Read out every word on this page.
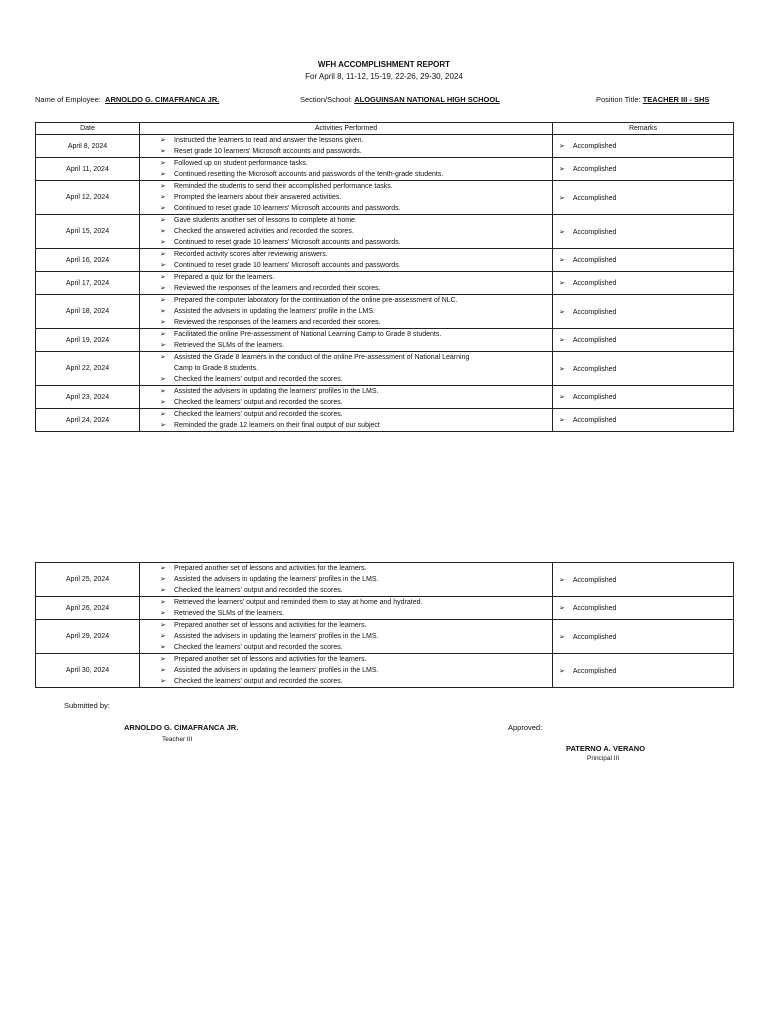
WFH ACCOMPLISHMENT REPORT
For April 8, 11-12, 15-19, 22-26, 29-30, 2024
Name of Employee: ARNOLDO G. CIMAFRANCA JR.	Section/School: ALOGUINSAN NATIONAL HIGH SCHOOL	Position Title: TEACHER III - SHS
Date	Activities Performed	Remarks
April 8, 2024	➢ Instructed the learners to read and answer the lessons given.
➢ Reset grade 10 learners' Microsoft accounts and passwords.	➢ Accomplished
April 11, 2024	➢ Followed up on student performance tasks.
➢ Continued resetting the Microsoft accounts and passwords of the tenth-grade students.	➢ Accomplished
April 12, 2024	➢ Reminded the students to send their accomplished performance tasks.
➢ Prompted the learners about their answered activities.
➢ Continued to reset grade 10 learners' Microsoft accounts and passwords.	➢ Accomplished
April 15, 2024	➢ Gave students another set of lessons to complete at home.
➢ Checked the answered activities and recorded the scores.
➢ Continued to reset grade 10 learners' Microsoft accounts and passwords.	➢ Accomplished
April 16, 2024	➢ Recorded activity scores after reviewing answers.
➢ Continued to reset grade 10 learners' Microsoft accounts and passwords.	➢ Accomplished
April 17, 2024	➢ Prepared a quiz for the learners.
➢ Reviewed the responses of the learners and recorded their scores.	➢ Accomplished
April 18, 2024	➢ Prepared the computer laboratory for the continuation of the online pre-assessment of NLC.
➢ Assisted the advisers in updating the learners' profile in the LMS.
➢ Reviewed the responses of the learners and recorded their scores.	➢ Accomplished
April 19, 2024	➢ Facilitated the online Pre-assessment of National Learning Camp to Grade 8 students.
➢ Retrieved the SLMs of the learners.	➢ Accomplished
April 22, 2024	➢ Assisted the Grade 8 learners in the conduct of the online Pre-assessment of National Learning
Camp to Grade 8 students.
➢ Checked the learners' output and recorded the scores.	➢ Accomplished
April 23, 2024	➢ Assisted the advisers in updating the learners' profiles in the LMS.
➢ Checked the learners' output and recorded the scores.	➢ Accomplished
April 24, 2024	➢ Checked the learners' output and recorded the scores.
➢ Reminded the grade 12 learners on their final output of our subject	➢ Accomplished
April 25, 2024	➢ Prepared another set of lessons and activities for the learners.
➢ Assisted the advisers in updating the learners' profiles in the LMS.
➢ Checked the learners' output and recorded the scores.	➢ Accomplished
April 26, 2024	➢ Retrieved the learners' output and reminded them to stay at home and hydrated.
➢ Retrieved the SLMs of the learners.	➢ Accomplished
April 29, 2024	➢ Prepared another set of lessons and activities for the learners.
➢ Assisted the advisers in updating the learners' profiles in the LMS.
➢ Checked the learners' output and recorded the scores.	➢ Accomplished
April 30, 2024	➢ Prepared another set of lessons and activities for the learners.
➢ Assisted the advisers in updating the learners' profiles in the LMS.
➢ Checked the learners' output and recorded the scores.	➢ Accomplished
Submitted by:
ARNOLDO G. CIMAFRANCA JR.
Teacher III
Approved:
PATERNO A. VERANO
Principal III
